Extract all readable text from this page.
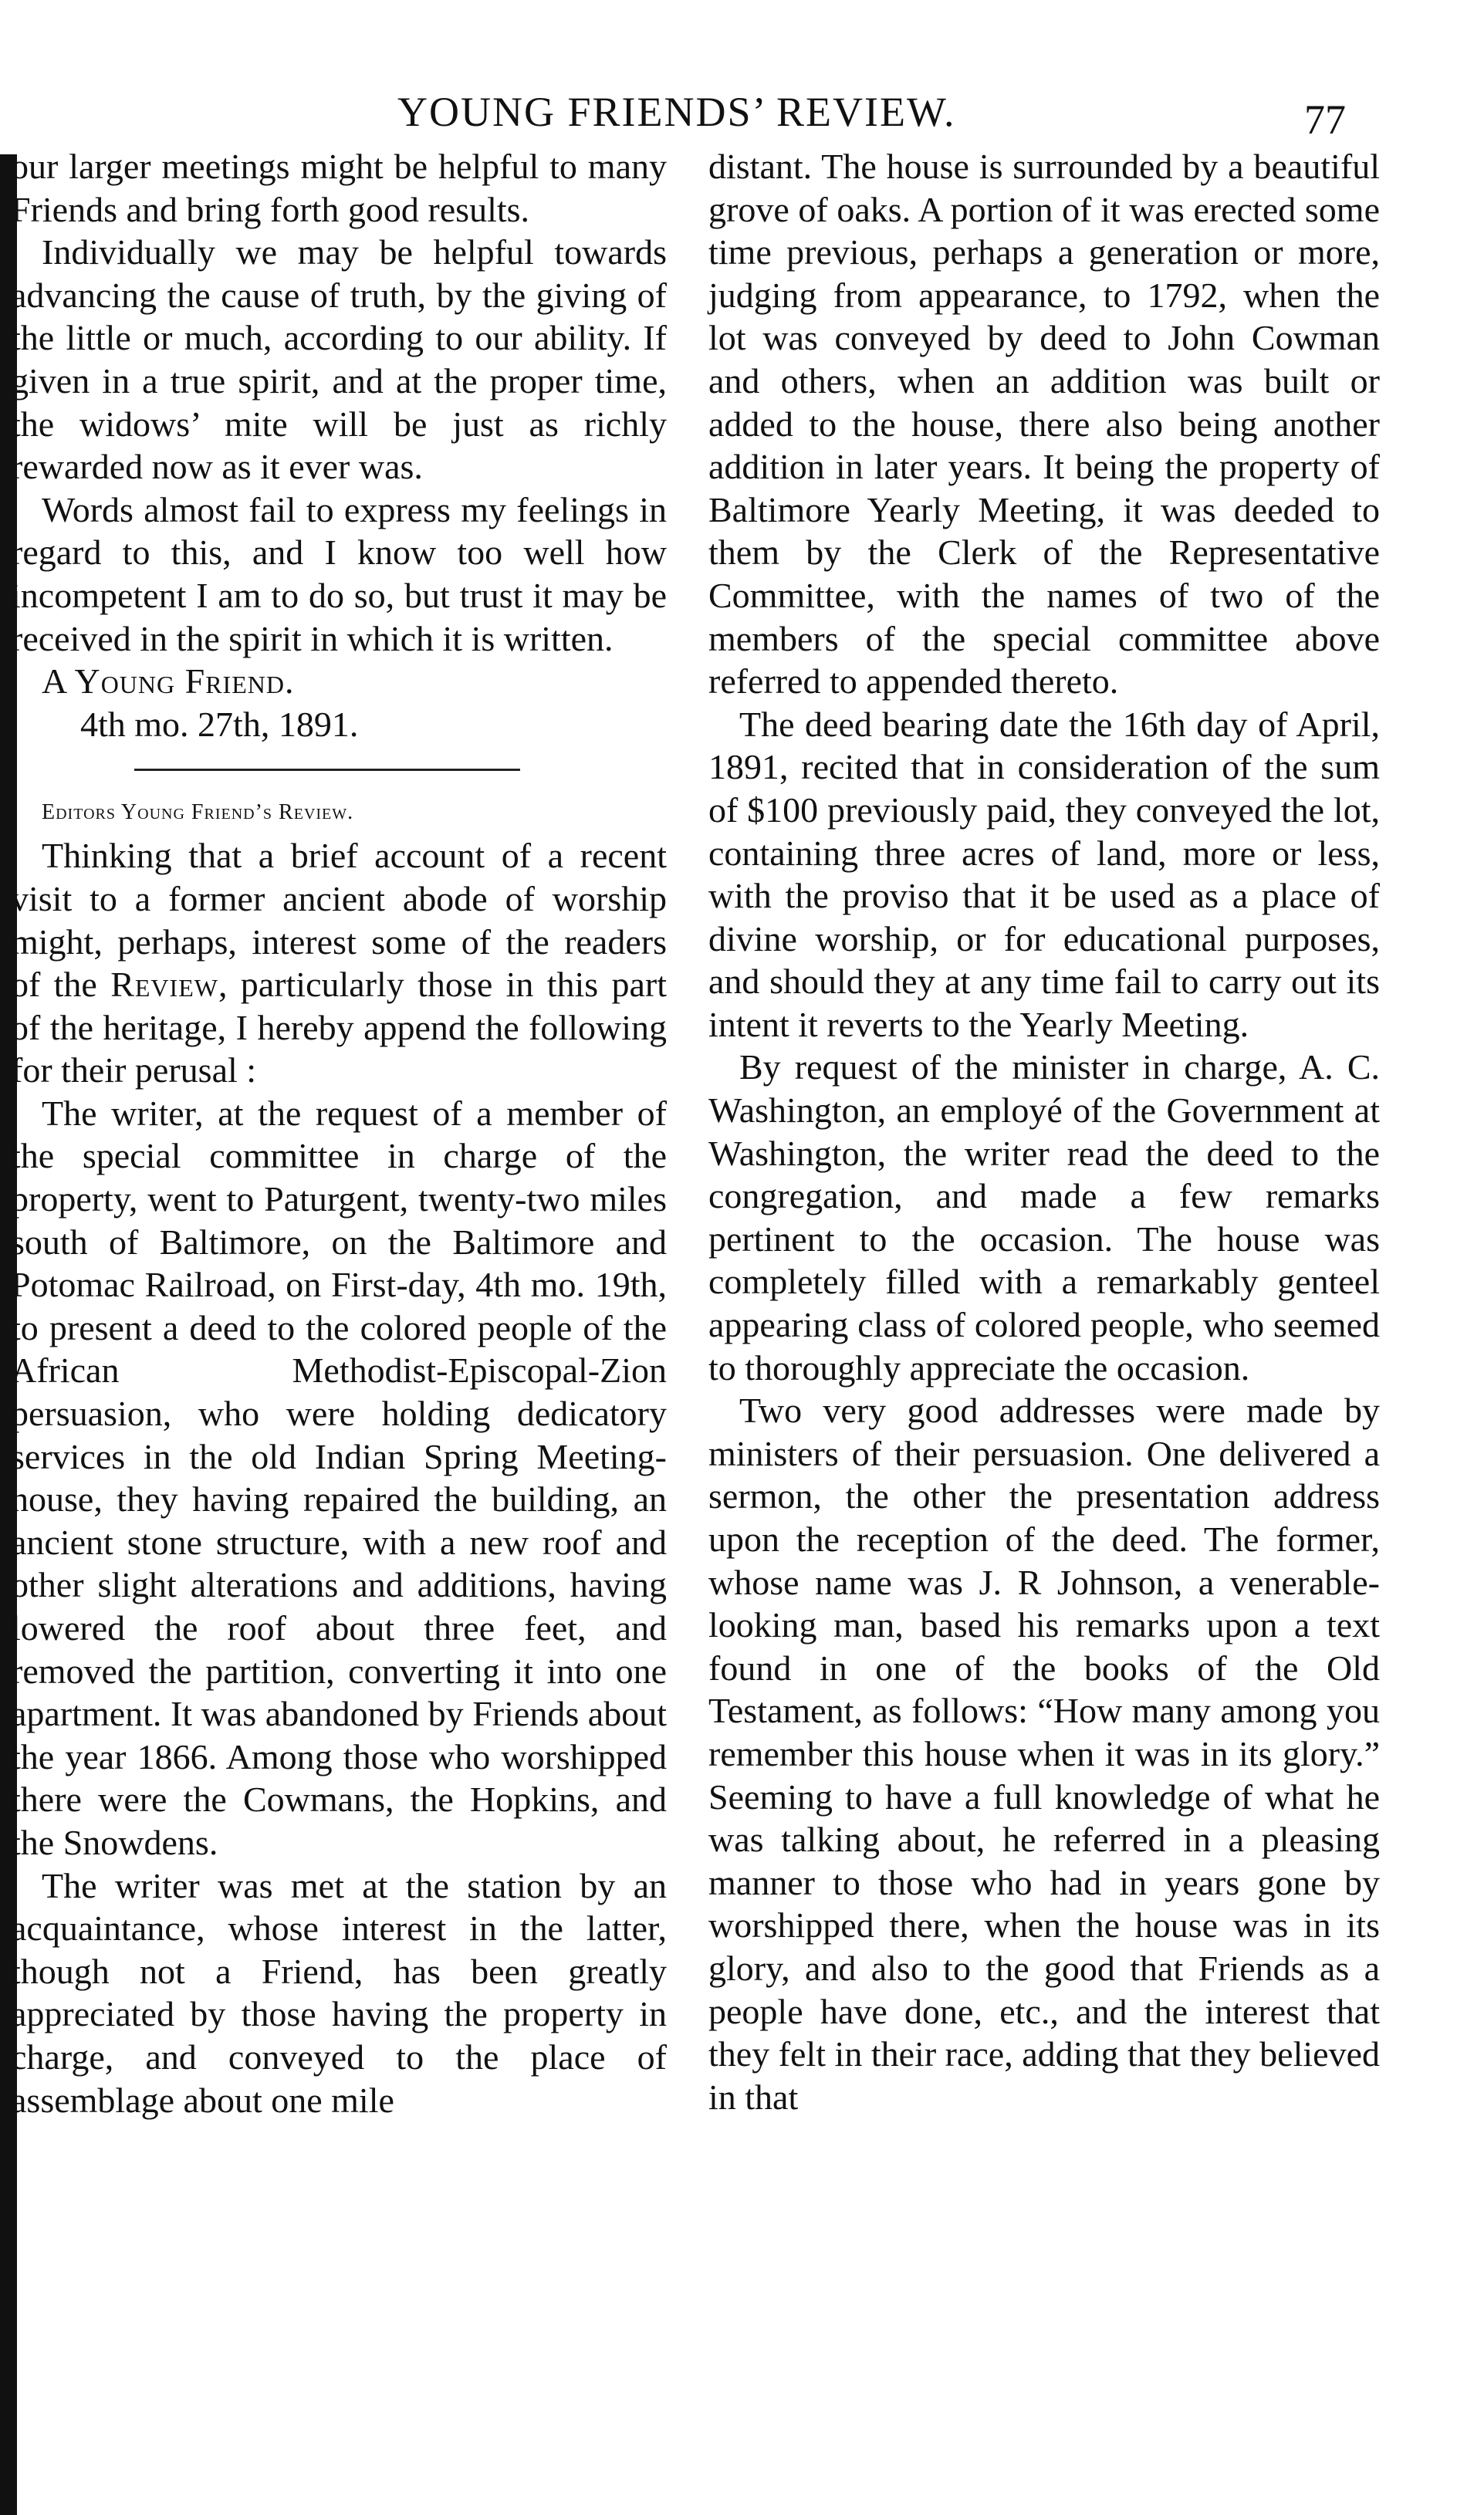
YOUNG FRIENDS’ REVIEW.	77

our larger meetings might be helpful to many Friends and bring forth good results.

Individually we may be helpful towards advancing the cause of truth, by the giving of the little or much, according to our ability. If given in a true spirit, and at the proper time, the widows’ mite will be just as richly rewarded now as it ever was.

Words almost fail to express my feelings in regard to this, and I know too well how incompetent I am to do so, but trust it may be received in the spirit in which it is written.

A Young Friend.

4th mo. 27th, 1891.

Editors Young Friend’s Review.

Thinking that a brief account of a recent visit to a former ancient abode of worship might, perhaps, interest some of the readers of the Review, particularly those in this part of the heritage, I hereby append the following for their perusal :

The writer, at the request of a member of the special committee in charge of the property, went to Paturgent, twenty-two miles south of Baltimore, on the Baltimore and Potomac Railroad, on First-day, 4th mo. 19th, to present a deed to the colored people of the African Methodist-Episcopal-Zion persuasion, who were holding dedicatory services in the old Indian Spring Meeting-house, they having repaired the building, an ancient stone structure, with a new roof and other slight alterations and additions, having lowered the roof about three feet, and removed the partition, converting it into one apartment. It was abandoned by Friends about the year 1866. Among those who worshipped there were the Cowmans, the Hopkins, and the Snowdens.

The writer was met at the station by an acquaintance, whose interest in the latter, though not a Friend, has been greatly appreciated by those having the property in charge, and conveyed to the place of assemblage about one mile

distant. The house is surrounded by a beautiful grove of oaks. A portion of it was erected some time previous, perhaps a generation or more, judging from appearance, to 1792, when the lot was conveyed by deed to John Cowman and others, when an addition was built or added to the house, there also being another addition in later years. It being the property of Baltimore Yearly Meeting, it was deeded to them by the Clerk of the Representative Committee, with the names of two of the members of the special committee above referred to appended thereto.

The deed bearing date the 16th day of April, 1891, recited that in consideration of the sum of $100 previously paid, they conveyed the lot, containing three acres of land, more or less, with the proviso that it be used as a place of divine worship, or for educational purposes, and should they at any time fail to carry out its intent it reverts to the Yearly Meeting.

By request of the minister in charge, A. C. Washington, an employé of the Government at Washington, the writer read the deed to the congregation, and made a few remarks pertinent to the occasion. The house was completely filled with a remarkably genteel appearing class of colored people, who seemed to thoroughly appreciate the occasion.

Two very good addresses were made by ministers of their persuasion. One delivered a sermon, the other the presentation address upon the reception of the deed. The former, whose name was J. R Johnson, a venerable-looking man, based his remarks upon a text found in one of the books of the Old Testament, as follows: “How many among you remember this house when it was in its glory.” Seeming to have a full knowledge of what he was talking about, he referred in a pleasing manner to those who had in years gone by worshipped there, when the house was in its glory, and also to the good that Friends as a people have done, etc., and the interest that they felt in their race, adding that they believed in that
